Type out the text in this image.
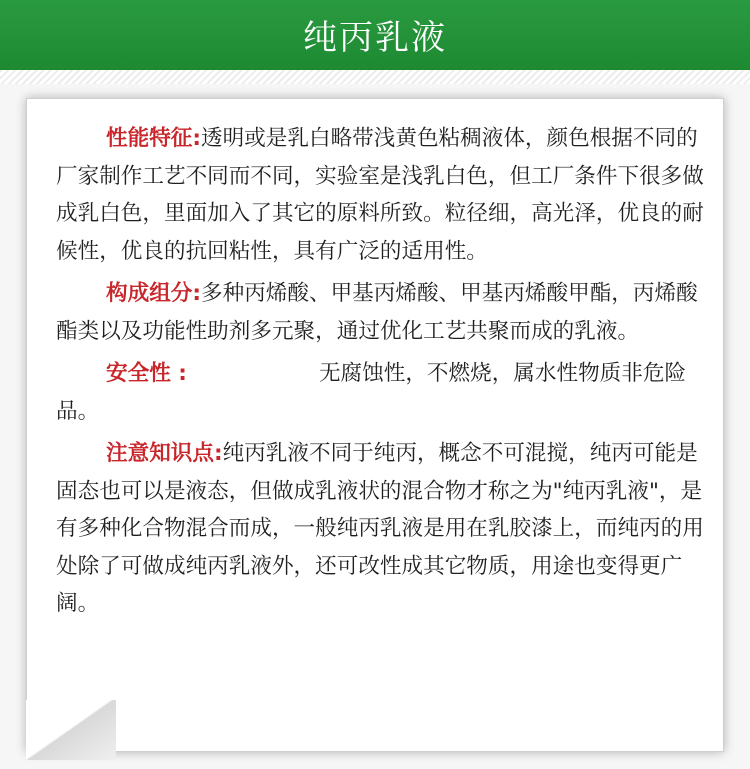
纯丙乳液

性能特征:透明或是乳白略带浅黄色粘稠液体，颜色根据不同的厂家制作工艺不同而不同，实验室是浅乳白色，但工厂条件下很多做成乳白色，里面加入了其它的原料所致。粒径细，高光泽，优良的耐候性，优良的抗回粘性，具有广泛的适用性。

构成组分:多种丙烯酸、甲基丙烯酸、甲基丙烯酸甲酯，丙烯酸酯类以及功能性助剂多元聚，通过优化工艺共聚而成的乳液。

安全性 :	无腐蚀性，不燃烧，属水性物质非危险品。

注意知识点:纯丙乳液不同于纯丙，概念不可混搅，纯丙可能是固态也可以是液态，但做成乳液状的混合物才称之为"纯丙乳液"，是有多种化合物混合而成，一般纯丙乳液是用在乳胶漆上，而纯丙的用处除了可做成纯丙乳液外，还可改性成其它物质，用途也变得更广阔。
